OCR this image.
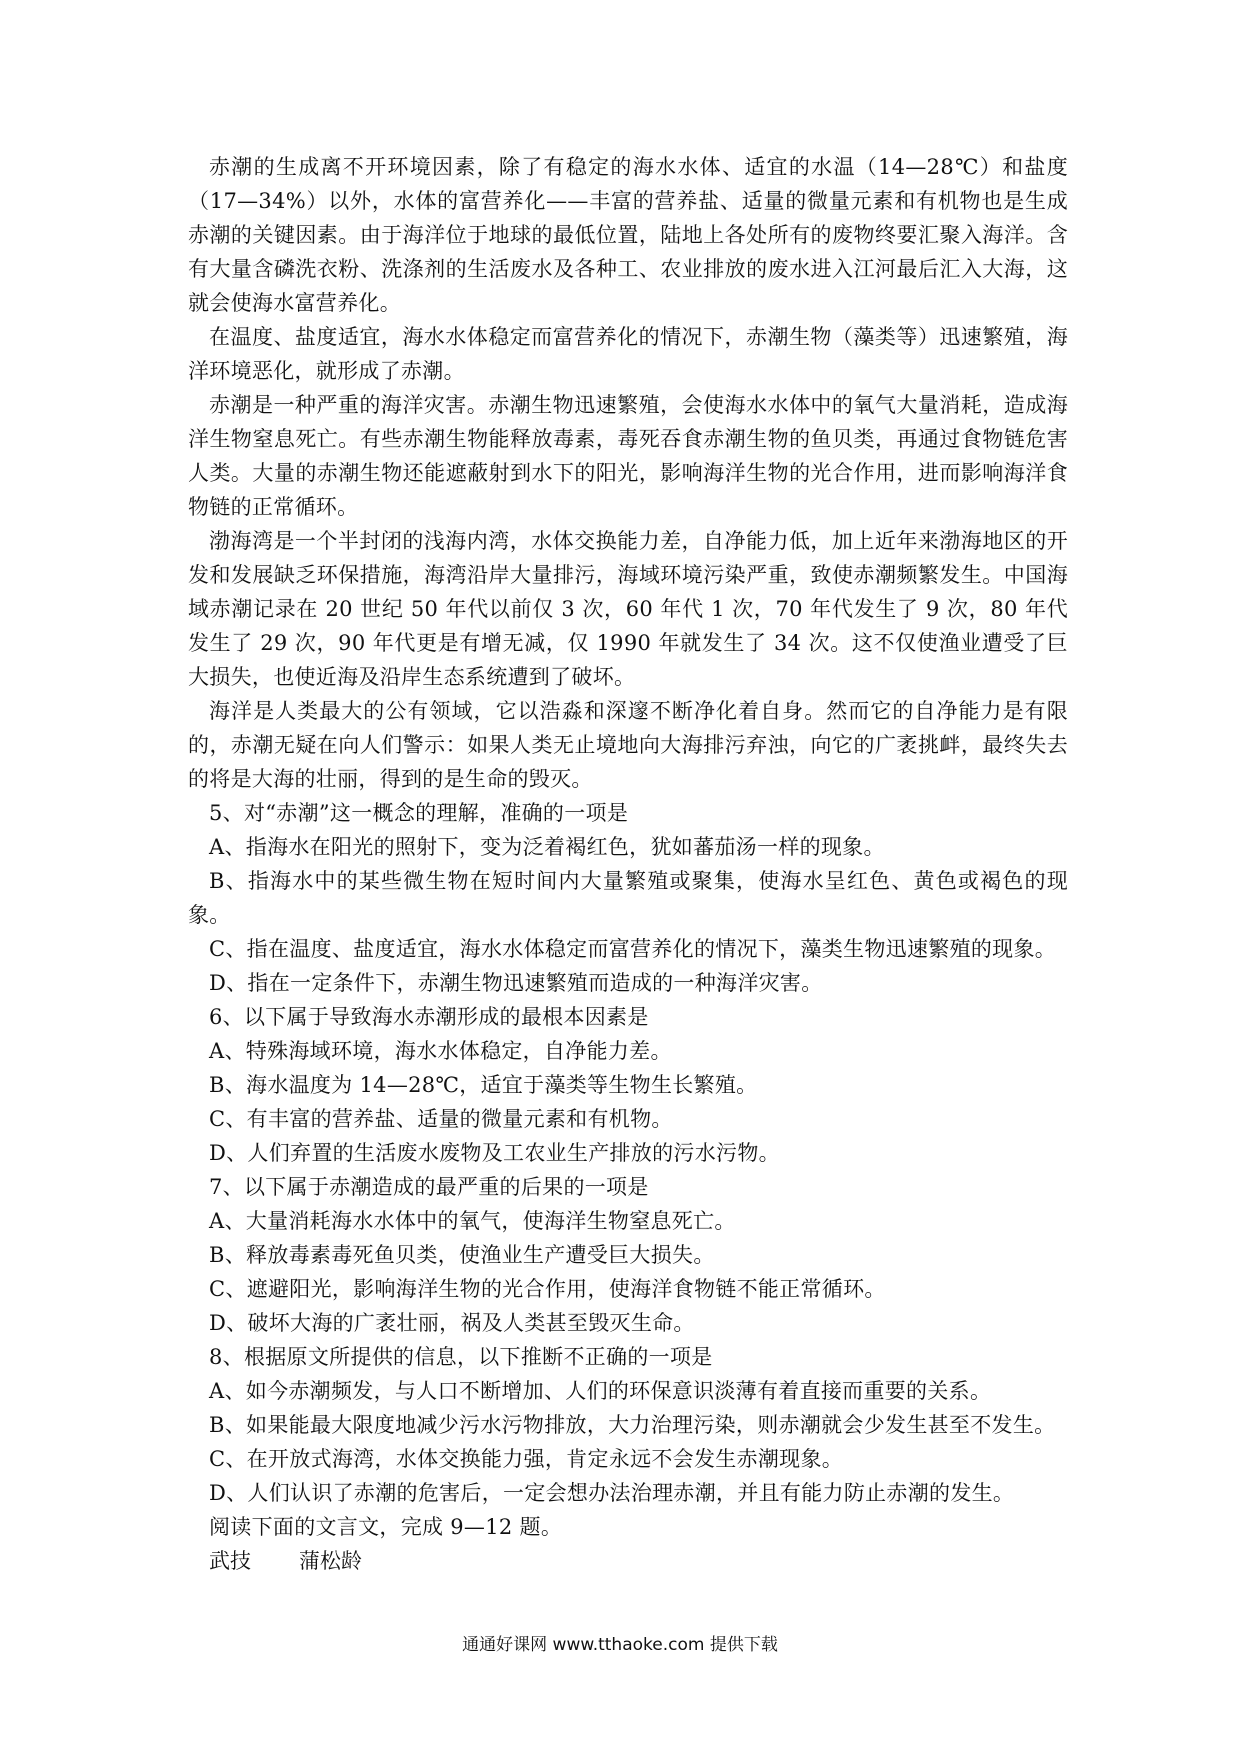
赤潮的生成离不开环境因素，除了有稳定的海水水体、适宜的水温（14—28℃）和盐度（17—34%）以外，水体的富营养化——丰富的营养盐、适量的微量元素和有机物也是生成赤潮的关键因素。由于海洋位于地球的最低位置，陆地上各处所有的废物终要汇聚入海洋。含有大量含磷洗衣粉、洗涤剂的生活废水及各种工、农业排放的废水进入江河最后汇入大海，这就会使海水富营养化。

在温度、盐度适宜，海水水体稳定而富营养化的情况下，赤潮生物（藻类等）迅速繁殖，海洋环境恶化，就形成了赤潮。

赤潮是一种严重的海洋灾害。赤潮生物迅速繁殖，会使海水水体中的氧气大量消耗，造成海洋生物窒息死亡。有些赤潮生物能释放毒素，毒死吞食赤潮生物的鱼贝类，再通过食物链危害人类。大量的赤潮生物还能遮蔽射到水下的阳光，影响海洋生物的光合作用，进而影响海洋食物链的正常循环。

渤海湾是一个半封闭的浅海内湾，水体交换能力差，自净能力低，加上近年来渤海地区的开发和发展缺乏环保措施，海湾沿岸大量排污，海域环境污染严重，致使赤潮频繁发生。中国海域赤潮记录在 20 世纪 50 年代以前仅 3 次，60 年代 1 次，70 年代发生了 9 次，80 年代发生了 29 次，90 年代更是有增无减，仅 1990 年就发生了 34 次。这不仅使渔业遭受了巨大损失，也使近海及沿岸生态系统遭到了破坏。

海洋是人类最大的公有领域，它以浩淼和深邃不断净化着自身。然而它的自净能力是有限的，赤潮无疑在向人们警示：如果人类无止境地向大海排污弃浊，向它的广袤挑衅，最终失去的将是大海的壮丽，得到的是生命的毁灭。

5、对“赤潮”这一概念的理解，准确的一项是

A、指海水在阳光的照射下，变为泛着褐红色，犹如蕃茄汤一样的现象。

B、指海水中的某些微生物在短时间内大量繁殖或聚集，使海水呈红色、黄色或褐色的现象。

C、指在温度、盐度适宜，海水水体稳定而富营养化的情况下，藻类生物迅速繁殖的现象。

D、指在一定条件下，赤潮生物迅速繁殖而造成的一种海洋灾害。

6、以下属于导致海水赤潮形成的最根本因素是

A、特殊海域环境，海水水体稳定，自净能力差。

B、海水温度为 14—28℃，适宜于藻类等生物生长繁殖。

C、有丰富的营养盐、适量的微量元素和有机物。

D、人们弃置的生活废水废物及工农业生产排放的污水污物。

7、以下属于赤潮造成的最严重的后果的一项是

A、大量消耗海水水体中的氧气，使海洋生物窒息死亡。

B、释放毒素毒死鱼贝类，使渔业生产遭受巨大损失。

C、遮避阳光，影响海洋生物的光合作用，使海洋食物链不能正常循环。

D、破坏大海的广袤壮丽，祸及人类甚至毁灭生命。

8、根据原文所提供的信息，以下推断不正确的一项是

A、如今赤潮频发，与人口不断增加、人们的环保意识淡薄有着直接而重要的关系。

B、如果能最大限度地减少污水污物排放，大力治理污染，则赤潮就会少发生甚至不发生。

C、在开放式海湾，水体交换能力强，肯定永远不会发生赤潮现象。

D、人们认识了赤潮的危害后，一定会想办法治理赤潮，并且有能力防止赤潮的发生。

阅读下面的文言文，完成 9—12 题。

武技 蒲松龄

通通好课网 www.tthaoke.com 提供下载
